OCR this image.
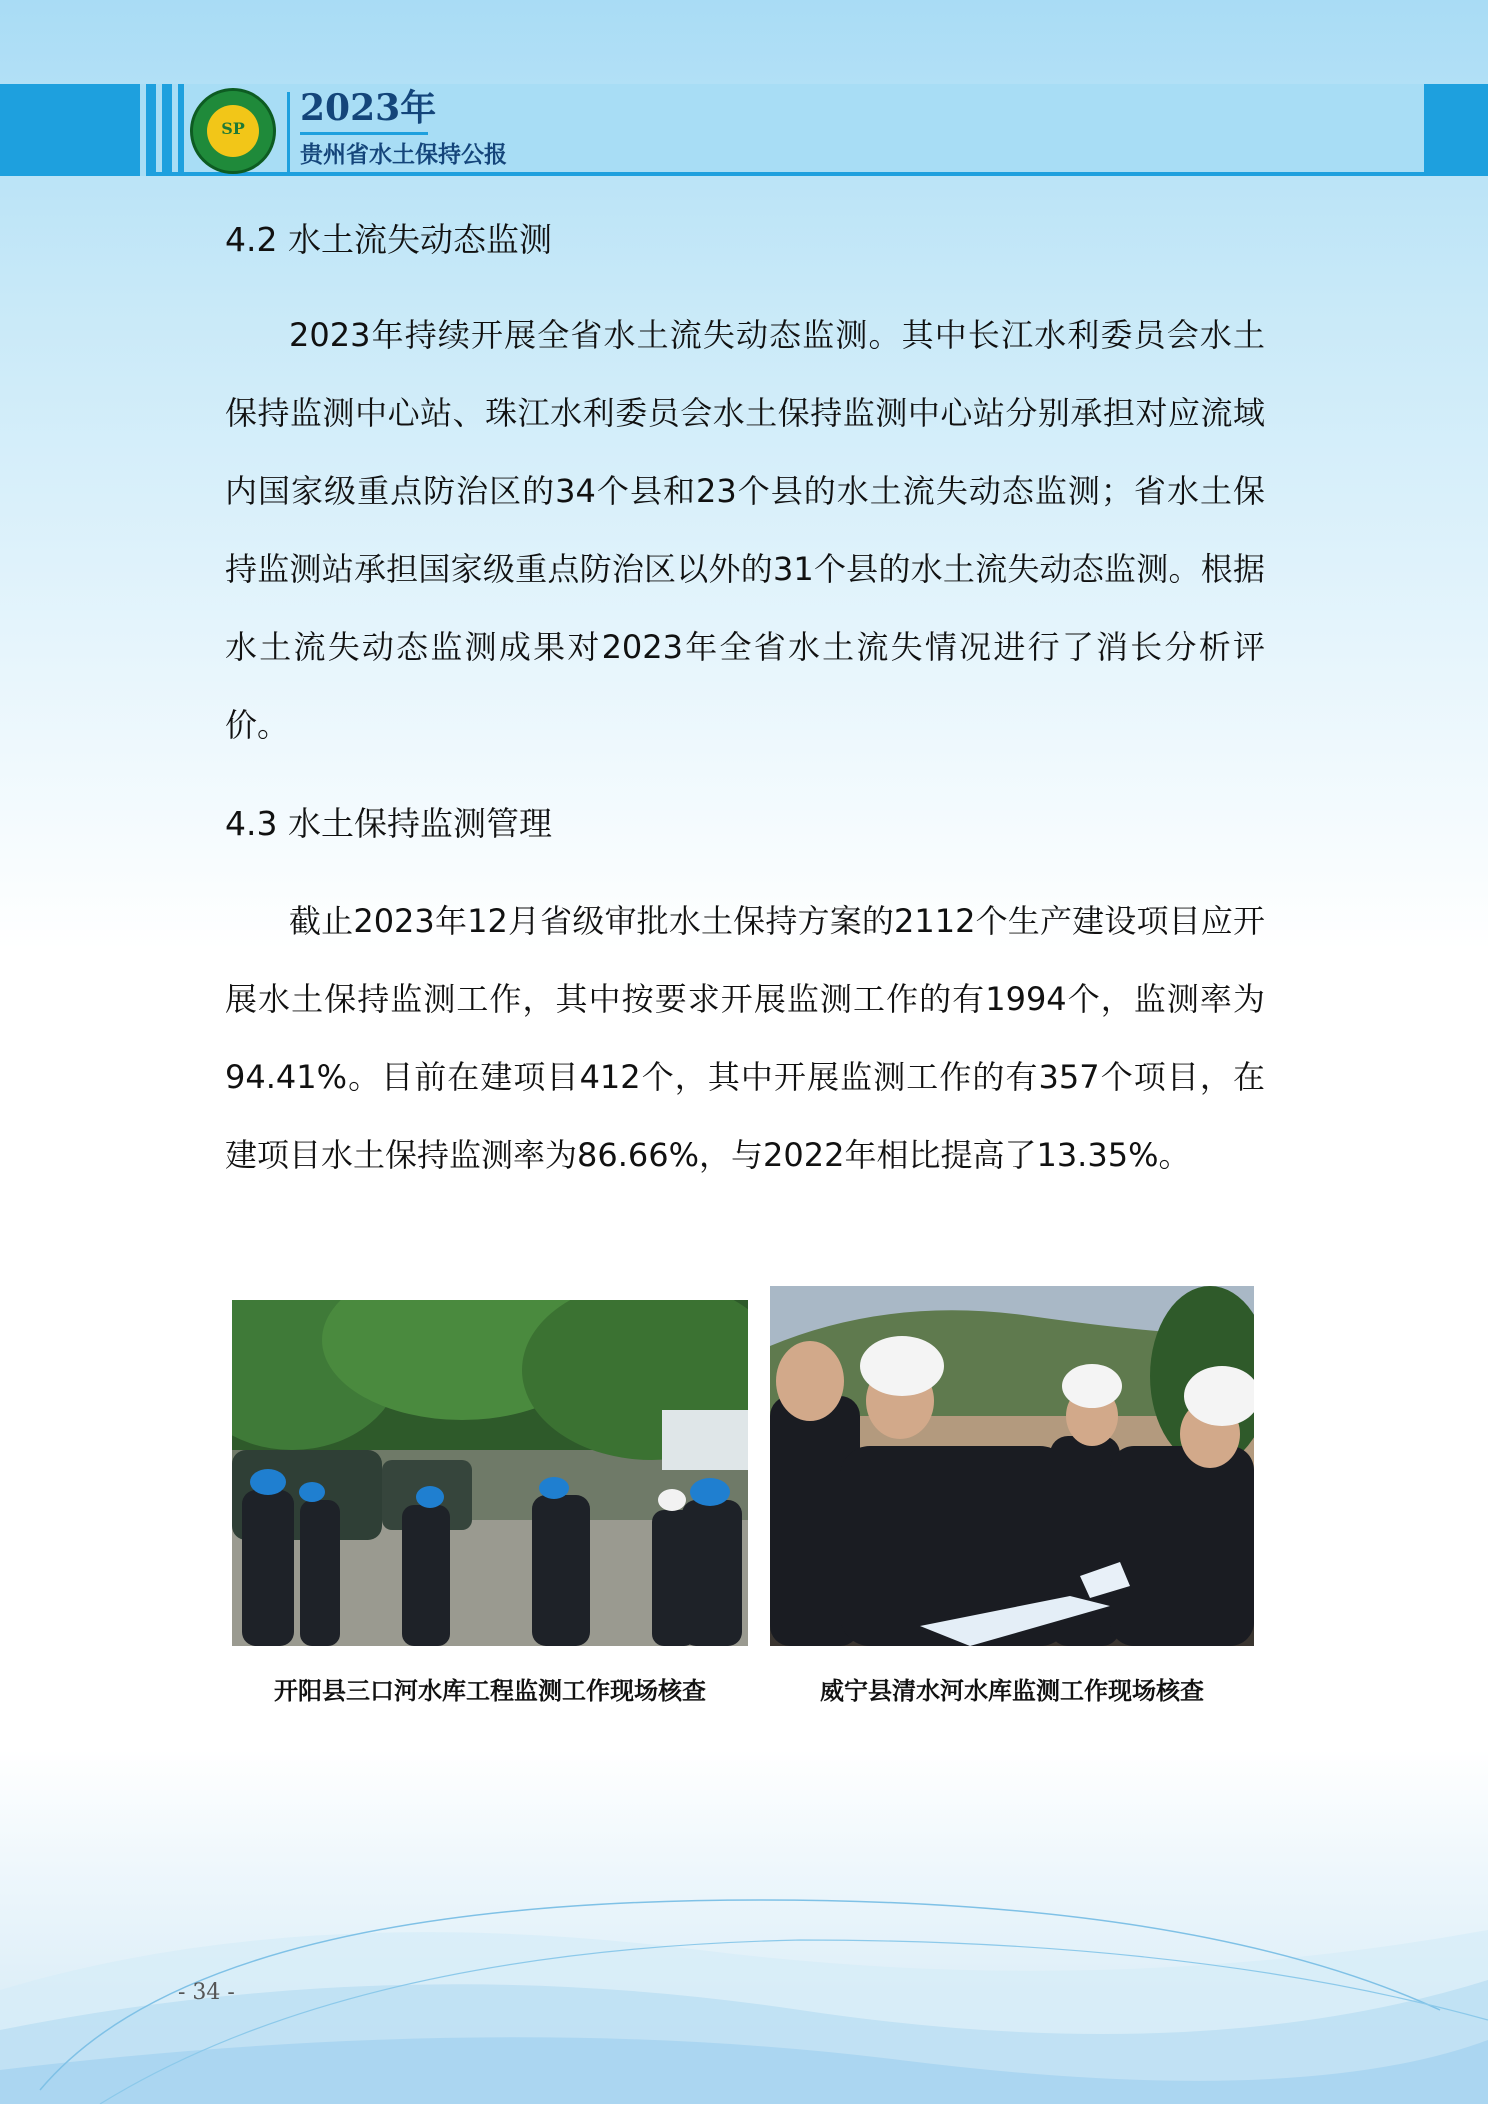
SP	2023年
贵州省水土保持公报
4.2 水土流失动态监测

2023年持续开展全省水土流失动态监测。其中长江水利委员会水土保持监测中心站、珠江水利委员会水土保持监测中心站分别承担对应流域内国家级重点防治区的34个县和23个县的水土流失动态监测；省水土保持监测站承担国家级重点防治区以外的31个县的水土流失动态监测。根据水土流失动态监测成果对2023年全省水土流失情况进行了消长分析评价。

4.3 水土保持监测管理

截止2023年12月省级审批水土保持方案的2112个生产建设项目应开展水土保持监测工作，其中按要求开展监测工作的有1994个，监测率为94.41%。目前在建项目412个，其中开展监测工作的有357个项目，在建项目水土保持监测率为86.66%，与2022年相比提高了13.35%。

开阳县三口河水库工程监测工作现场核查	威宁县清水河水库监测工作现场核查
- 34 -
